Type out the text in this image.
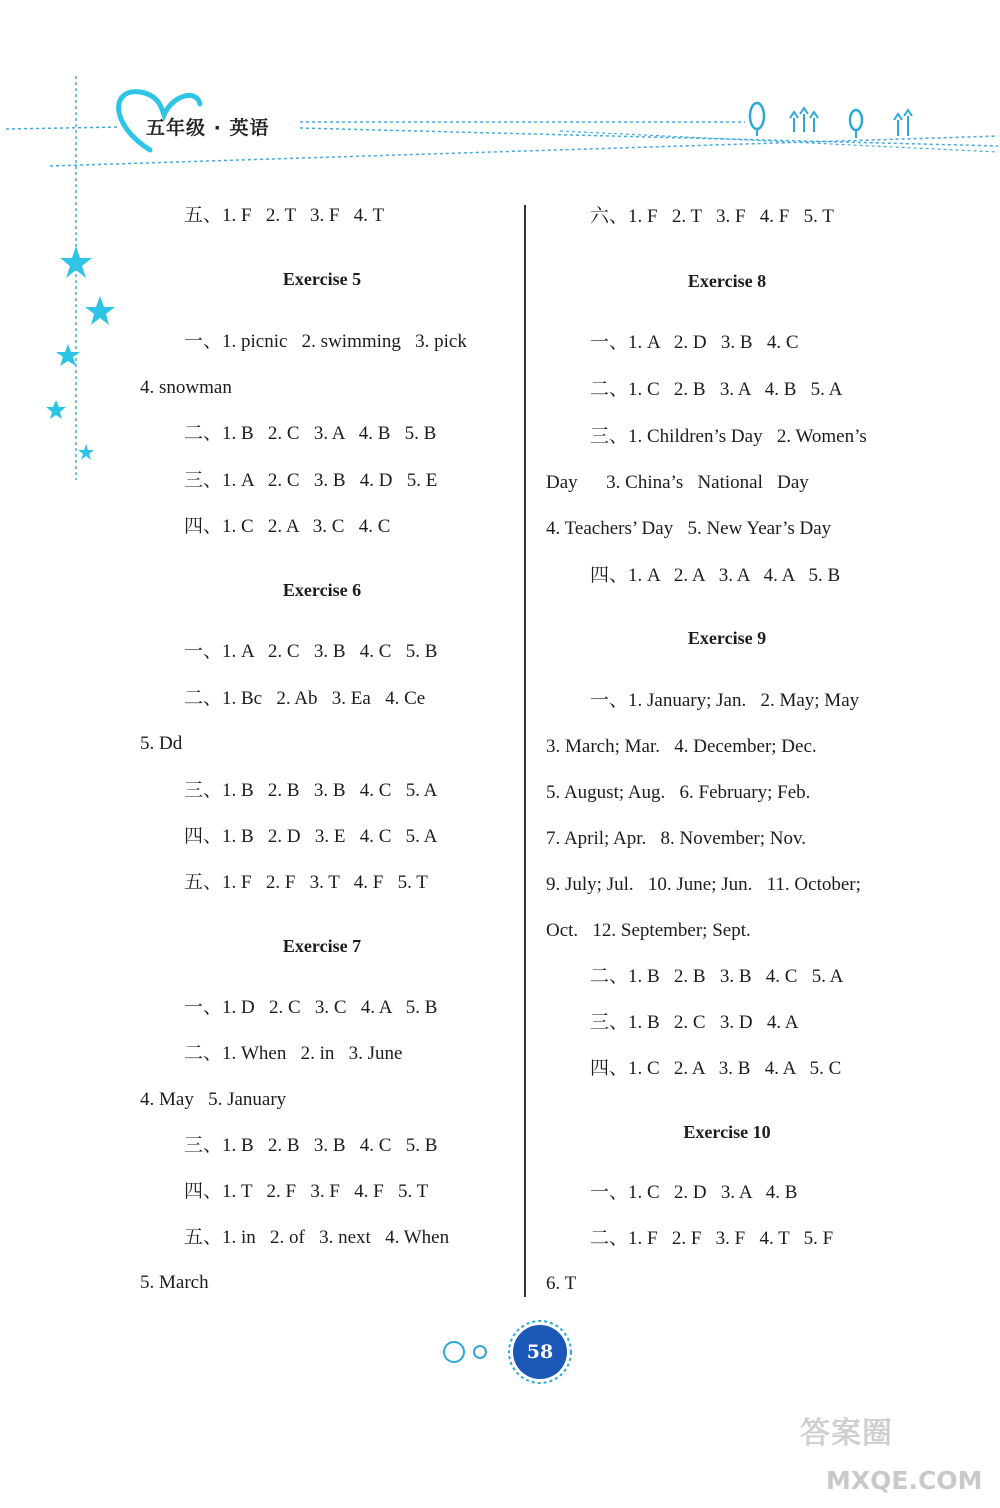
五年级 · 英语
五、1. F   2. T   3. F   4. T
Exercise 5
一、1. picnic   2. swimming   3. pick
4. snowman
二、1. B   2. C   3. A   4. B   5. B
三、1. A   2. C   3. B   4. D   5. E
四、1. C   2. A   3. C   4. C
Exercise 6
一、1. A   2. C   3. B   4. C   5. B
二、1. Bc   2. Ab   3. Ea   4. Ce
5. Dd
三、1. B   2. B   3. B   4. C   5. A
四、1. B   2. D   3. E   4. C   5. A
五、1. F   2. F   3. T   4. F   5. T
Exercise 7
一、1. D   2. C   3. C   4. A   5. B
二、1. When   2. in   3. June
4. May   5. January
三、1. B   2. B   3. B   4. C   5. B
四、1. T   2. F   3. F   4. F   5. T
五、1. in   2. of   3. next   4. When
5. March
六、1. F   2. T   3. F   4. F   5. T
Exercise 8
一、1. A   2. D   3. B   4. C
二、1. C   2. B   3. A   4. B   5. A
三、1. Children’s Day   2. Women’s
Day      3. China’s   National   Day
4. Teachers’ Day   5. New Year’s Day
四、1. A   2. A   3. A   4. A   5. B
Exercise 9
一、1. January; Jan.   2. May; May
3. March; Mar.   4. December; Dec.
5. August; Aug.   6. February; Feb.
7. April; Apr.   8. November; Nov.
9. July; Jul.   10. June; Jun.   11. October;
Oct.   12. September; Sept.
二、1. B   2. B   3. B   4. C   5. A
三、1. B   2. C   3. D   4. A
四、1. C   2. A   3. B   4. A   5. C
Exercise 10
一、1. C   2. D   3. A   4. B
二、1. F   2. F   3. F   4. T   5. F
6. T
58
答案圈
MXQE.COM
